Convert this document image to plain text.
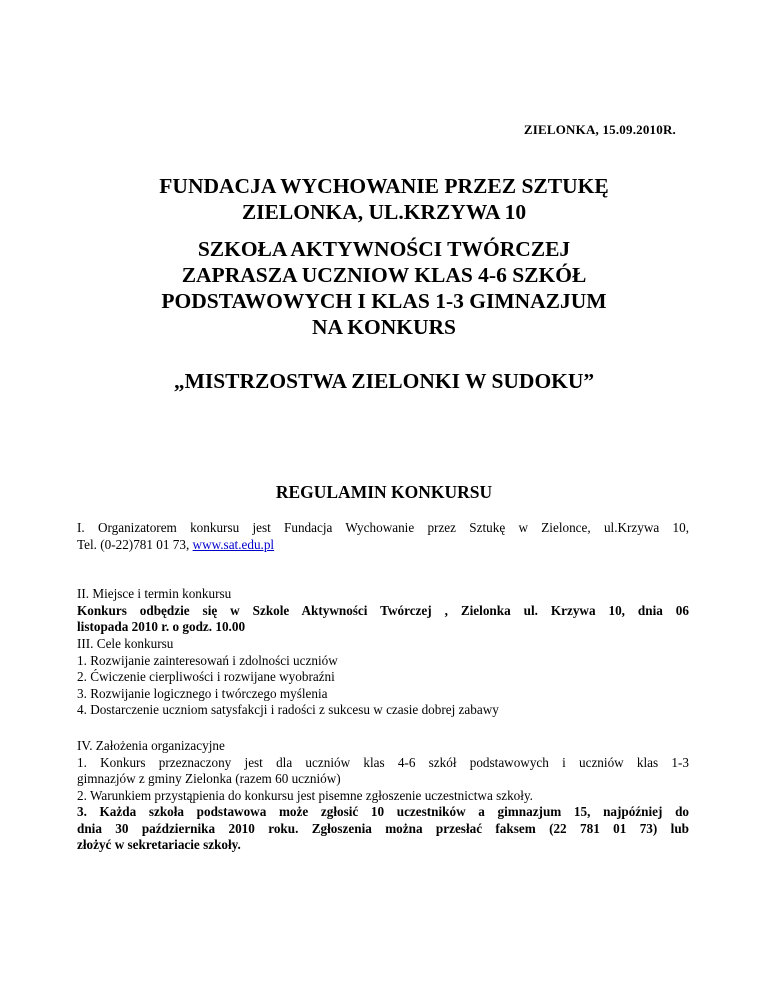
ZIELONKA, 15.09.2010R.
FUNDACJA WYCHOWANIE PRZEZ SZTUKĘ
ZIELONKA, UL.KRZYWA 10
SZKOŁA AKTYWNOŚCI TWÓRCZEJ
ZAPRASZA UCZNIOW KLAS 4-6 SZKÓŁ
PODSTAWOWYCH I KLAS 1-3 GIMNAZJUM
NA KONKURS
„MISTRZOSTWA ZIELONKI W SUDOKU”
REGULAMIN KONKURSU
I. Organizatorem konkursu jest Fundacja Wychowanie przez Sztukę w Zielonce, ul.Krzywa 10,
Tel. (0-22)781 01 73, www.sat.edu.pl
II. Miejsce i termin konkursu
Konkurs odbędzie się w Szkole Aktywności Twórczej , Zielonka ul. Krzywa 10, dnia 06
listopada 2010 r. o godz. 10.00
III. Cele konkursu
1. Rozwijanie zainteresowań i zdolności uczniów
2. Ćwiczenie cierpliwości i rozwijane wyobraźni
3. Rozwijanie logicznego i twórczego myślenia
4. Dostarczenie uczniom satysfakcji i radości z sukcesu w czasie dobrej zabawy
IV. Założenia organizacyjne
1. Konkurs przeznaczony jest dla uczniów klas 4-6 szkół podstawowych i uczniów klas 1-3
gimnazjów z gminy Zielonka (razem 60 uczniów)
2. Warunkiem przystąpienia do konkursu jest pisemne zgłoszenie uczestnictwa szkoły.
3. Każda szkoła podstawowa może zgłosić 10 uczestników a gimnazjum 15, najpóźniej do
dnia 30 października 2010 roku. Zgłoszenia można przesłać faksem (22 781 01 73) lub
złożyć w sekretariacie szkoły.
